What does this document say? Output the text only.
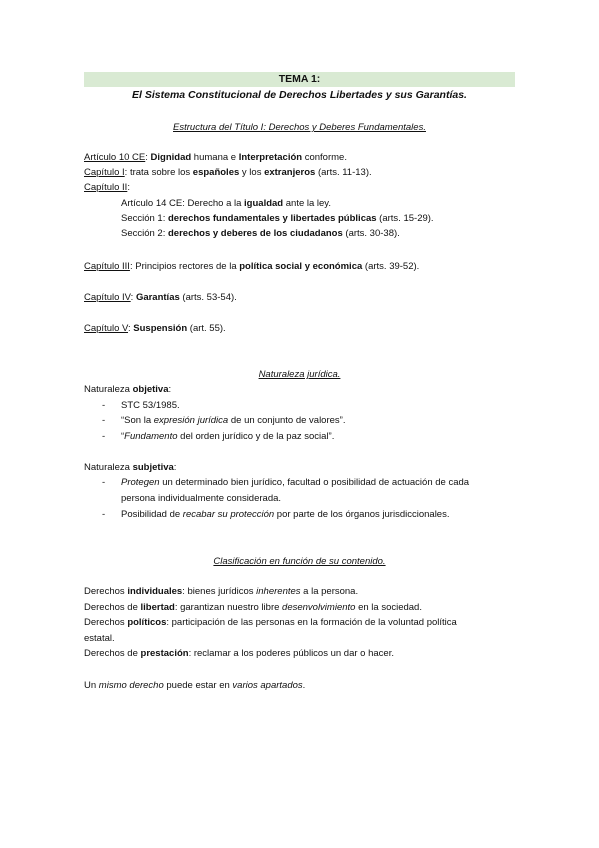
TEMA 1:
El Sistema Constitucional de Derechos Libertades y sus Garantías.
Estructura del Título I: Derechos y Deberes Fundamentales.
Artículo 10 CE: Dignidad humana e Interpretación conforme.
Capítulo I: trata sobre los españoles y los extranjeros (arts. 11-13).
Capítulo II:
Artículo 14 CE: Derecho a la igualdad ante la ley.
Sección 1: derechos fundamentales y libertades públicas (arts. 15-29).
Sección 2: derechos y deberes de los ciudadanos (arts. 30-38).
Capítulo III: Principios rectores de la política social y económica (arts. 39-52).
Capítulo IV: Garantías (arts. 53-54).
Capítulo V: Suspensión (art. 55).
Naturaleza jurídica.
Naturaleza objetiva:
- STC 53/1985.
- “Son la expresión jurídica de un conjunto de valores”.
- “Fundamento del orden jurídico y de la paz social”.
Naturaleza subjetiva:
- Protegen un determinado bien jurídico, facultad o posibilidad de actuación de cada
persona individualmente considerada.
- Posibilidad de recabar su protección por parte de los órganos jurisdiccionales.
Clasificación en función de su contenido.
Derechos individuales: bienes jurídicos inherentes a la persona.
Derechos de libertad: garantizan nuestro libre desenvolvimiento en la sociedad.
Derechos políticos: participación de las personas en la formación de la voluntad política
estatal.
Derechos de prestación: reclamar a los poderes públicos un dar o hacer.
Un mismo derecho puede estar en varios apartados.
